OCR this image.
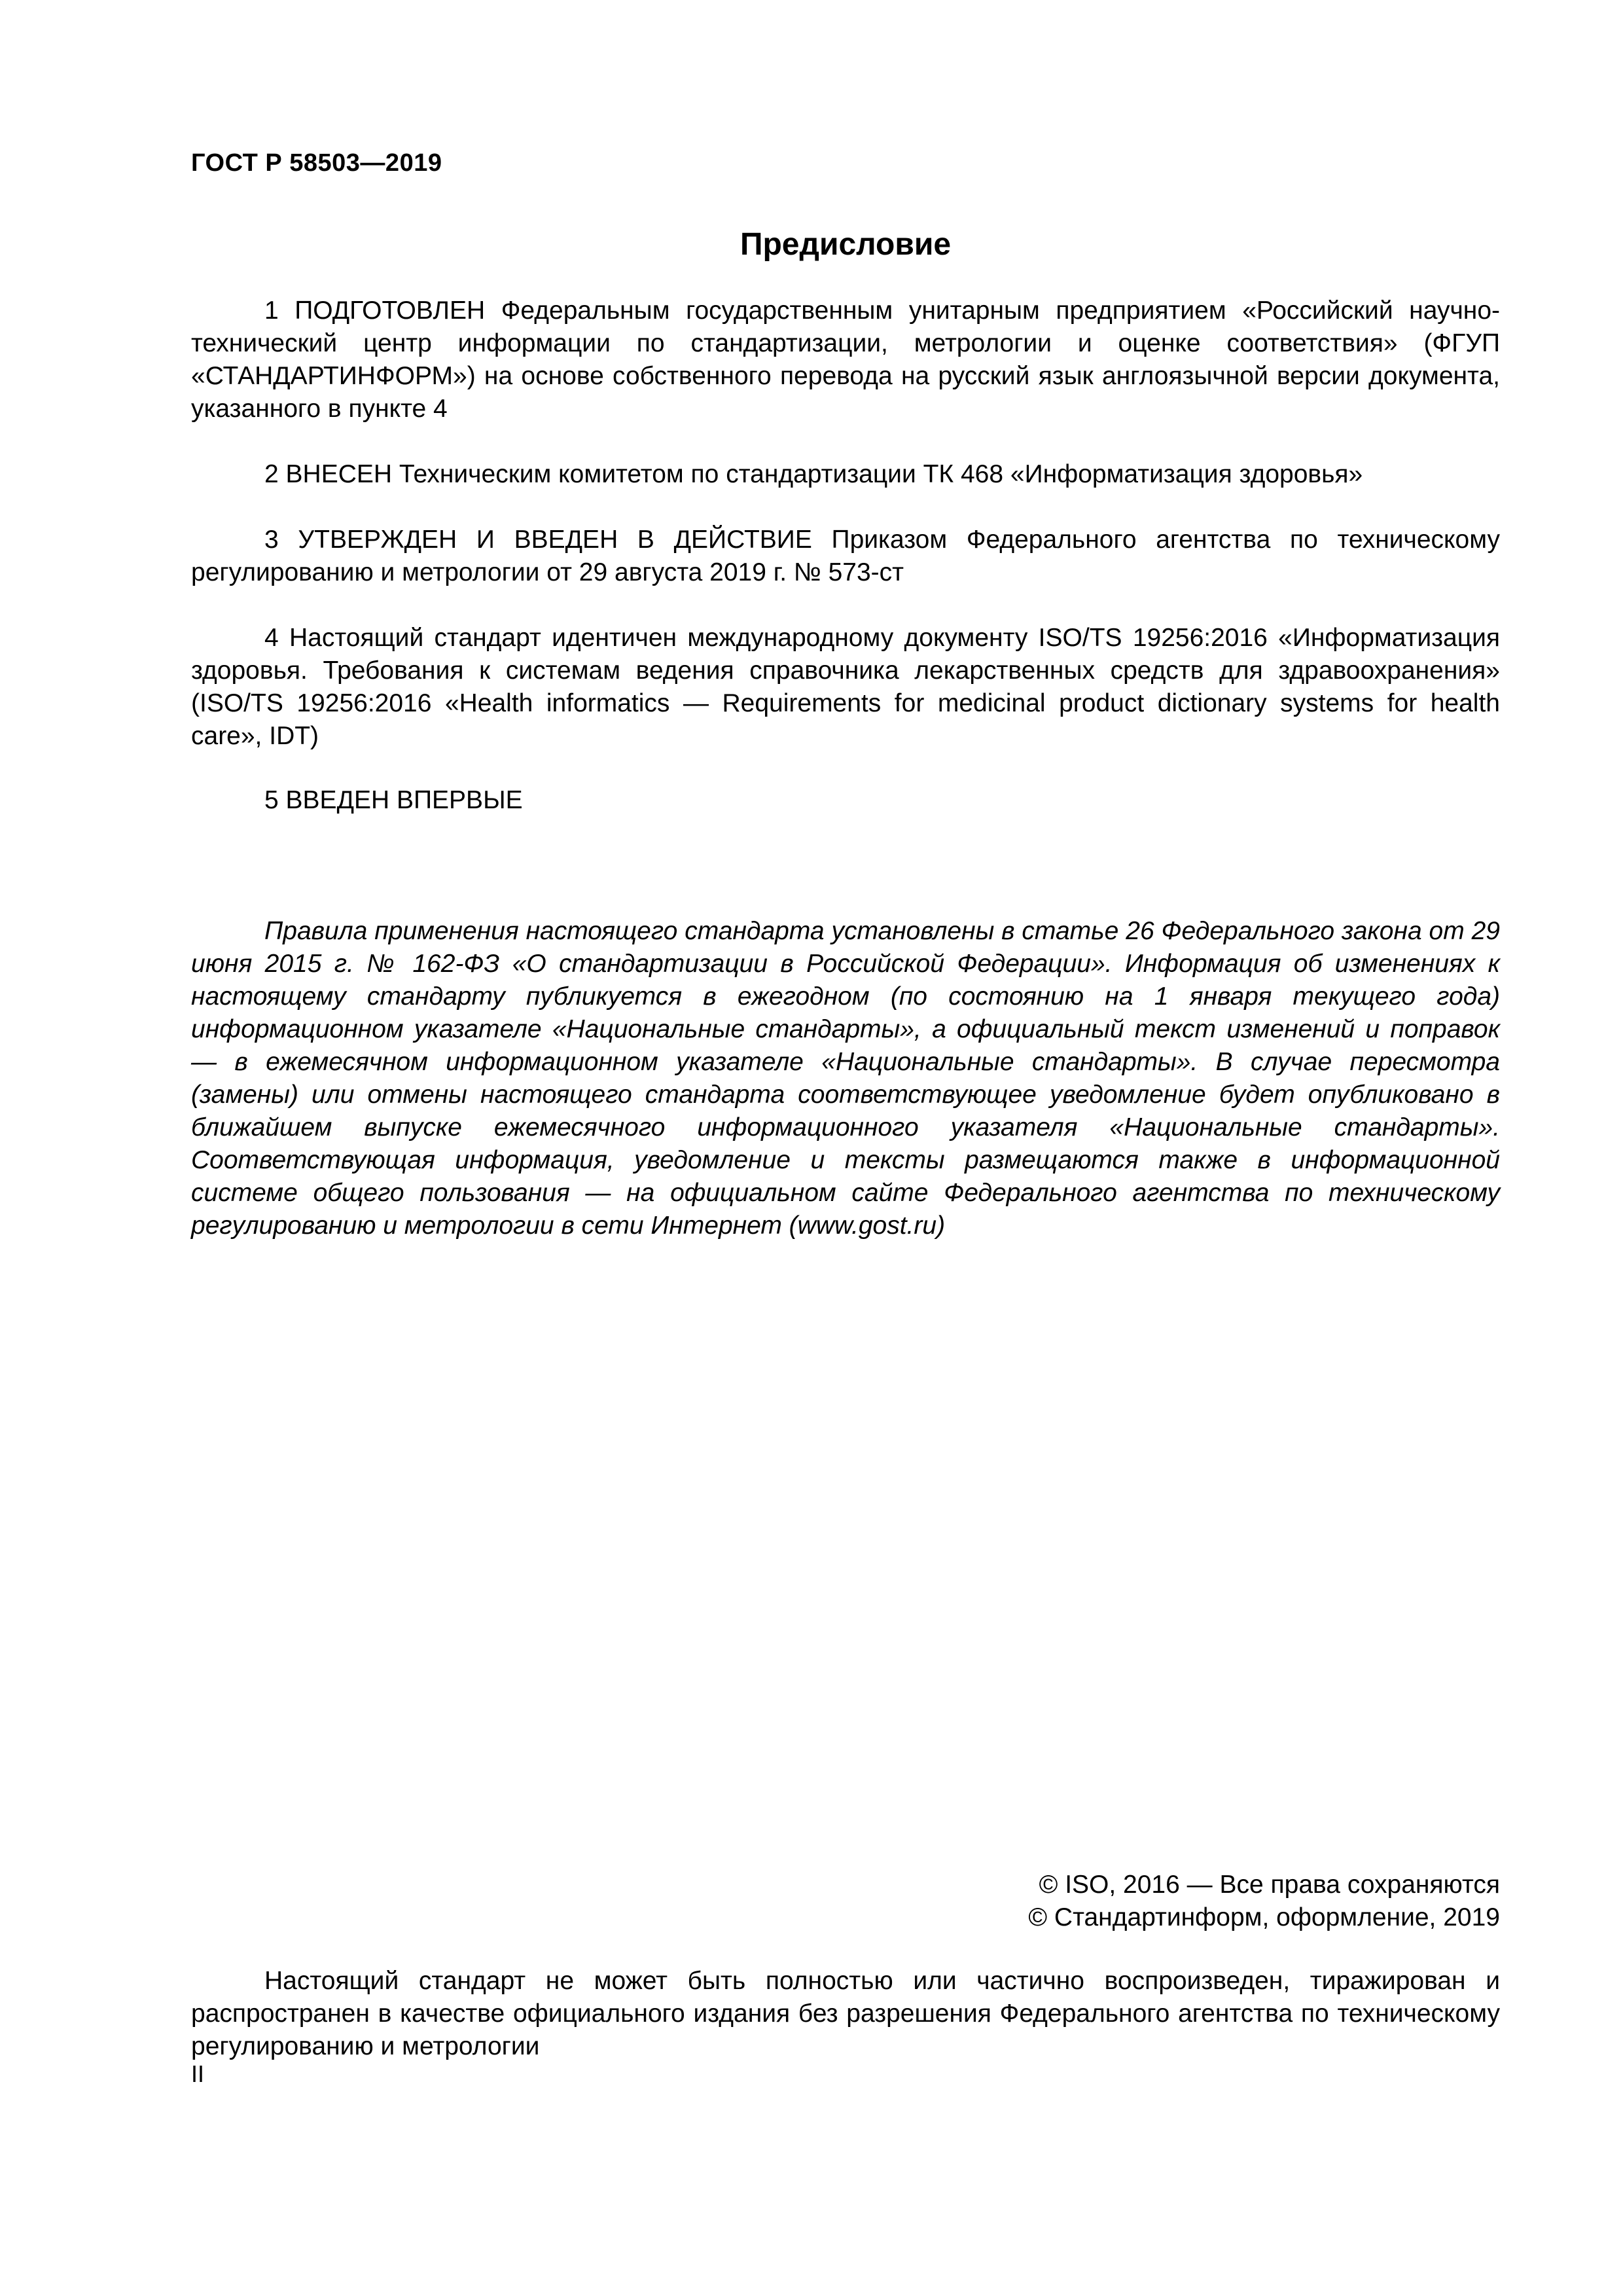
ГОСТ Р 58503—2019
Предисловие

1 ПОДГОТОВЛЕН Федеральным государственным унитарным предприятием «Российский научно-технический центр информации по стандартизации, метрологии и оценке соответствия» (ФГУП «СТАНДАРТИНФОРМ») на основе собственного перевода на русский язык англоязычной версии документа, указанного в пункте 4

2 ВНЕСЕН Техническим комитетом по стандартизации ТК 468 «Информатизация здоровья»

3 УТВЕРЖДЕН И ВВЕДЕН В ДЕЙСТВИЕ Приказом Федерального агентства по техническому регулированию и метрологии от 29 августа 2019 г. № 573-ст

4 Настоящий стандарт идентичен международному документу ISO/TS 19256:2016 «Информатизация здоровья. Требования к системам ведения справочника лекарственных средств для здравоохранения» (ISO/TS 19256:2016 «Health informatics — Requirements for medicinal product dictionary systems for health care», IDT)

5 ВВЕДЕН ВПЕРВЫЕ

Правила применения настоящего стандарта установлены в статье 26 Федерального закона от 29 июня 2015 г. № 162-ФЗ «О стандартизации в Российской Федерации». Информация об изменениях к настоящему стандарту публикуется в ежегодном (по состоянию на 1 января текущего года) информационном указателе «Национальные стандарты», а официальный текст изменений и поправок — в ежемесячном информационном указателе «Национальные стандарты». В случае пересмотра (замены) или отмены настоящего стандарта соответствующее уведомление будет опубликовано в ближайшем выпуске ежемесячного информационного указателя «Национальные стандарты». Соответствующая информация, уведомление и тексты размещаются также в информационной системе общего пользования — на официальном сайте Федерального агентства по техническому регулированию и метрологии в сети Интернет (www.gost.ru)

© ISO, 2016 — Все права сохраняются
© Стандартинформ, оформление, 2019

Настоящий стандарт не может быть полностью или частично воспроизведен, тиражирован и распространен в качестве официального издания без разрешения Федерального агентства по техническому регулированию и метрологии

II
